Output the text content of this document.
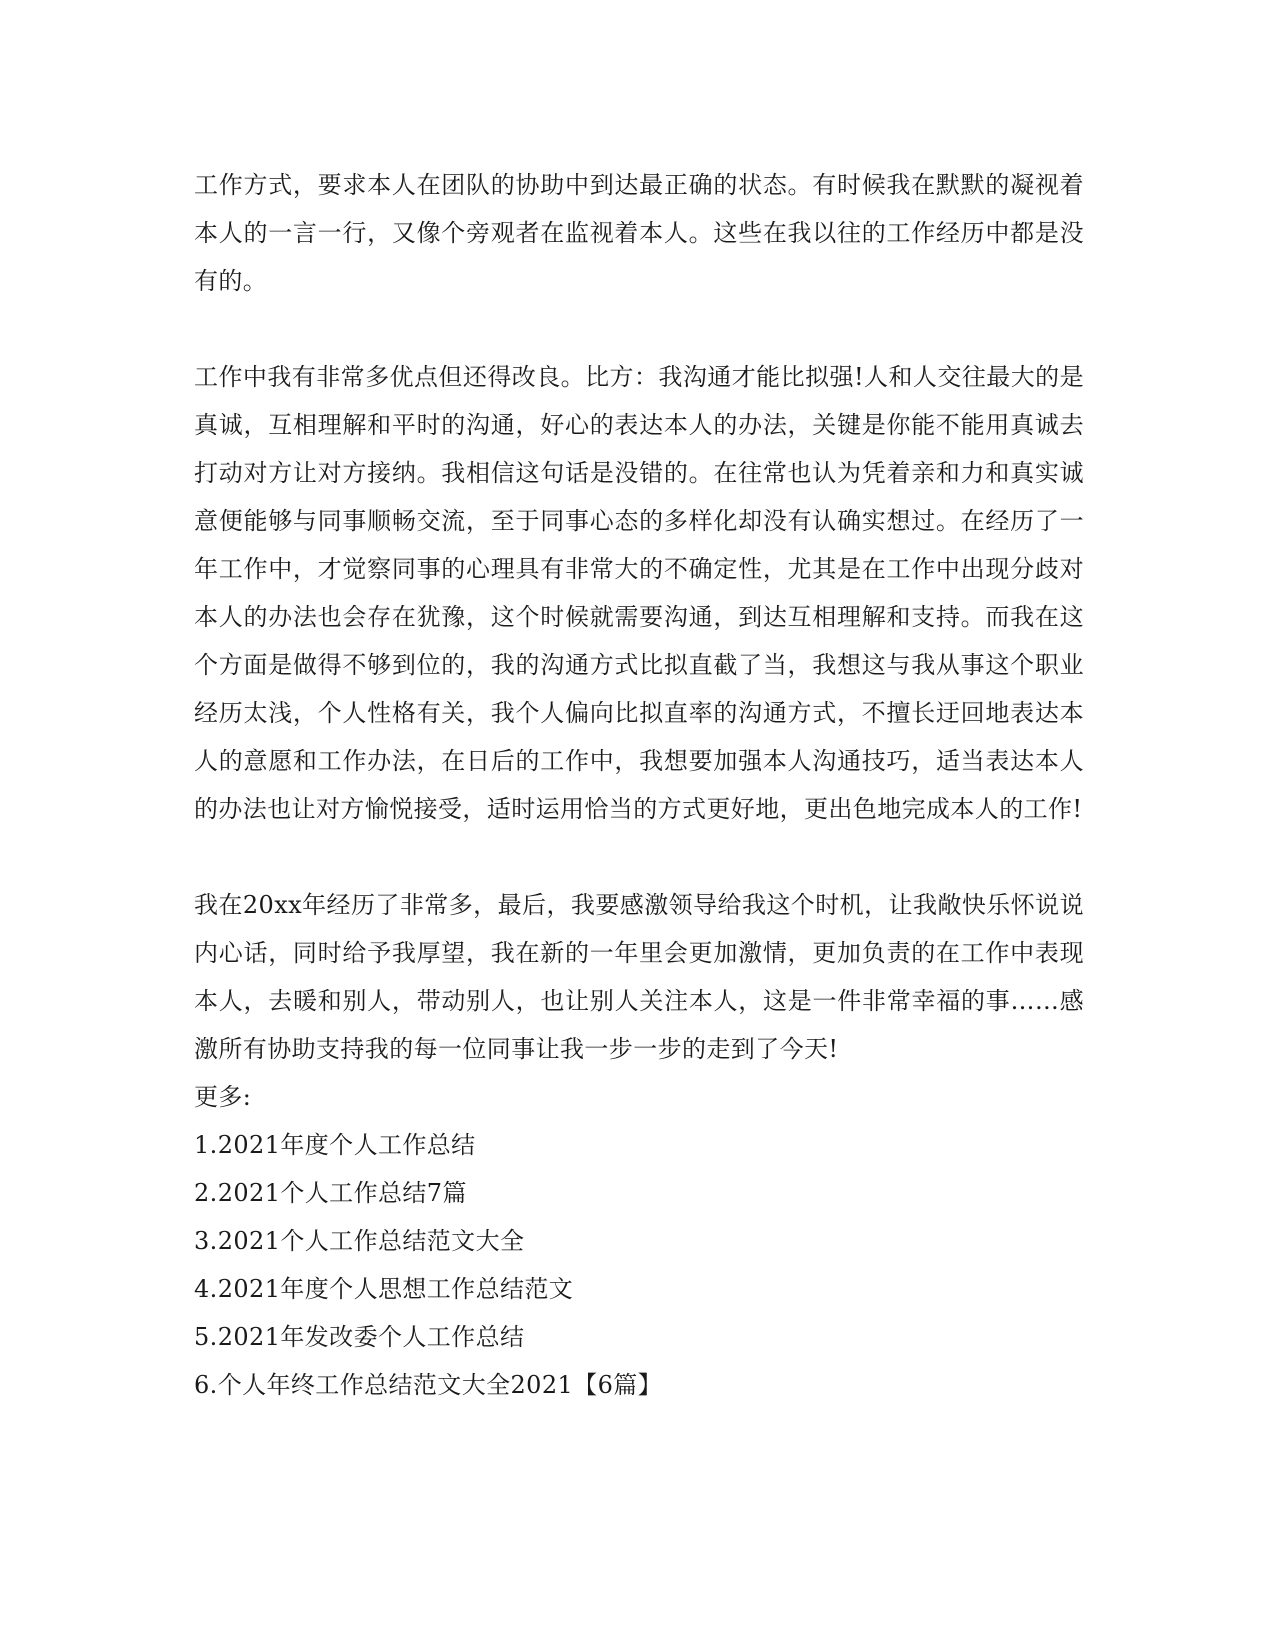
工作方式，要求本人在团队的协助中到达最正确的状态。有时候我在默默的凝视着本人的一言一行，又像个旁观者在监视着本人。这些在我以往的工作经历中都是没有的。

工作中我有非常多优点但还得改良。比方：我沟通才能比拟强!人和人交往最大的是真诚，互相理解和平时的沟通，好心的表达本人的办法，关键是你能不能用真诚去打动对方让对方接纳。我相信这句话是没错的。在往常也认为凭着亲和力和真实诚意便能够与同事顺畅交流，至于同事心态的多样化却没有认确实想过。在经历了一年工作中，才觉察同事的心理具有非常大的不确定性，尤其是在工作中出现分歧对本人的办法也会存在犹豫，这个时候就需要沟通，到达互相理解和支持。而我在这个方面是做得不够到位的，我的沟通方式比拟直截了当，我想这与我从事这个职业经历太浅，个人性格有关，我个人偏向比拟直率的沟通方式，不擅长迂回地表达本人的意愿和工作办法，在日后的工作中，我想要加强本人沟通技巧，适当表达本人的办法也让对方愉悦接受，适时运用恰当的方式更好地，更出色地完成本人的工作!

我在20xx年经历了非常多，最后，我要感激领导给我这个时机，让我敞快乐怀说说内心话，同时给予我厚望，我在新的一年里会更加激情，更加负责的在工作中表现本人，去暖和别人，带动别人，也让别人关注本人，这是一件非常幸福的事……感激所有协助支持我的每一位同事让我一步一步的走到了今天!

更多:

1.2021年度个人工作总结
2.2021个人工作总结7篇
3.2021个人工作总结范文大全
4.2021年度个人思想工作总结范文
5.2021年发改委个人工作总结
6.个人年终工作总结范文大全2021【6篇】
